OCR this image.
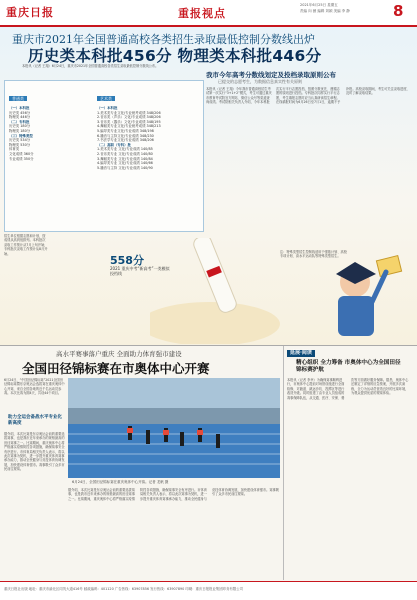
重庆日报	重报视点
2021年6月25日 星期五
责编 向 薇 编辑 刘颖 美编 李 静	8
重庆市2021年全国普通高校各类招生录取最低控制分数线出炉
历史类本科批456分 物理类本科批446分
本报讯（记者 王翔）6月24日，重庆市2021年全国普通高校各类招生录取最低控制分数线公布。
普通类
（一）本科批
历史类 456分
物理类 446分
（二）专科批
历史类 180分
物理类 180分
（三）特殊类型
历史类 534分
物理类 530分
体育类
文化成绩 360分
专业成绩 350分
艺术类
（一）本科批
1.美术类专业文化/专业统考成绩 348/206
2.音乐类（声乐）文化/专业成绩 348/206
3.音乐类（器乐）文化/专业成绩 348/195
4.舞蹈类专业文化/专业统考成绩 348/213
5.编导类专业文化/专业成绩 348/198
6.播音与主持文化/专业成绩 348/230
7.书法学专业文化/专业成绩 348/206
（二）高职（专科）批
1.美术类专业 文化/专业成绩 140/85
2.音乐类专业 文化/专业成绩 140/80
3.舞蹈类专业 文化/专业成绩 140/84
4.编导类专业 文化/专业成绩 140/66
5.播音与主持 文化/专业成绩 140/90
招生单位根据志愿和计划，按成绩从高到低排列。本科批次录取工作预计从7月上旬开始，专科批次录取工作预计从8月开始。
我市今年高考分数线划定及投档录取原则公布
已提交的志愿考生，为数据信息真实性有关原则
本报讯（记者 王翔）今年我市普通高校招生考试第一次实行“3+1+2”模式，考生可通过重庆市教育考试院官方网站、微信公众号等渠道查询成绩。考试院相关负责人介绍，今年本科批次实行平行志愿投档，按照分数优先、遵循志愿的原则进行投档。专科批次同样实行平行志愿，考生填报志愿时应当认真研读招生章程。在线填报时间为6月26日至7月1日，逾期不予补报。高校录取期间，考生可关注录取进度，及时了解录取结果。
注：特殊类型招生控制线适用于强基计划、高校专项计划、高水平运动队等特殊类型招生。
558分
2021 重庆中考“新高考”一类模拟投档线
高水平赛事落户重庆 全面助力体育强市建设
全国田径锦标赛在市奥体中心开赛
6月24日，“中国田径锦标赛”2021全国田径锦标赛暨东京奥运会选拔赛在重庆奥体中心开赛，来自全国各地的近千名运动员参赛。本次比赛为期4天，共设44个项目。
据介绍，本次比赛是东京奥运会前的重要选拔赛事，也是我市近年来承办的规格最高的田径赛事之一。比赛期间，重庆奥体中心将严格落实疫情防控各项措施，确保赛事安全有序进行。市体育局相关负责人表示，将以此次赛事为契机，进一步提升重庆体育赛事承办能力，推动全民健身与竞技体育协调发展，加快建设体育强市。赛事吸引了众多市民前往观赛。
助力全运会备战水平专业化新高度
6月24日，全国田径锦标赛在重庆奥体中心开赛。记者 龙帆 摄
据介绍，本次比赛是东京奥运会前的重要选拔赛事，也是我市近年来承办的规格最高的田径赛事之一。比赛期间，重庆奥体中心将严格落实疫情防控各项措施，确保赛事安全有序进行。市体育局相关负责人表示，将以此次赛事为契机，进一步提升重庆体育赛事承办能力，推动全民健身与竞技体育协调发展，加快建设体育强市。赛事吸引了众多市民前往观赛。
延展·阅读
精心组织 全力筹备 市奥体中心为全国田径锦标赛护航
本报讯（记者 李幸）为确保赛事顺利进行，市奥体中心提前对场馆设施进行全面检修，对跑道、跳远沙坑、投掷区等进行改造升级。同时组建了由专业人员组成的赛事保障队伍，从交通、医疗、安保、餐饮等方面做好服务保障。据悉，奥体中心还制定了详细的应急预案，开展多次演练，全力为运动员营造良好的比赛环境，为观众提供优质的观赛体验。
重庆日报社出版 地址：重庆市渝北区同茂大道416号 邮政编码：401120 广告热线：63907856 发行热线：63907890 印刷：重庆日报报业集团印务有限公司
